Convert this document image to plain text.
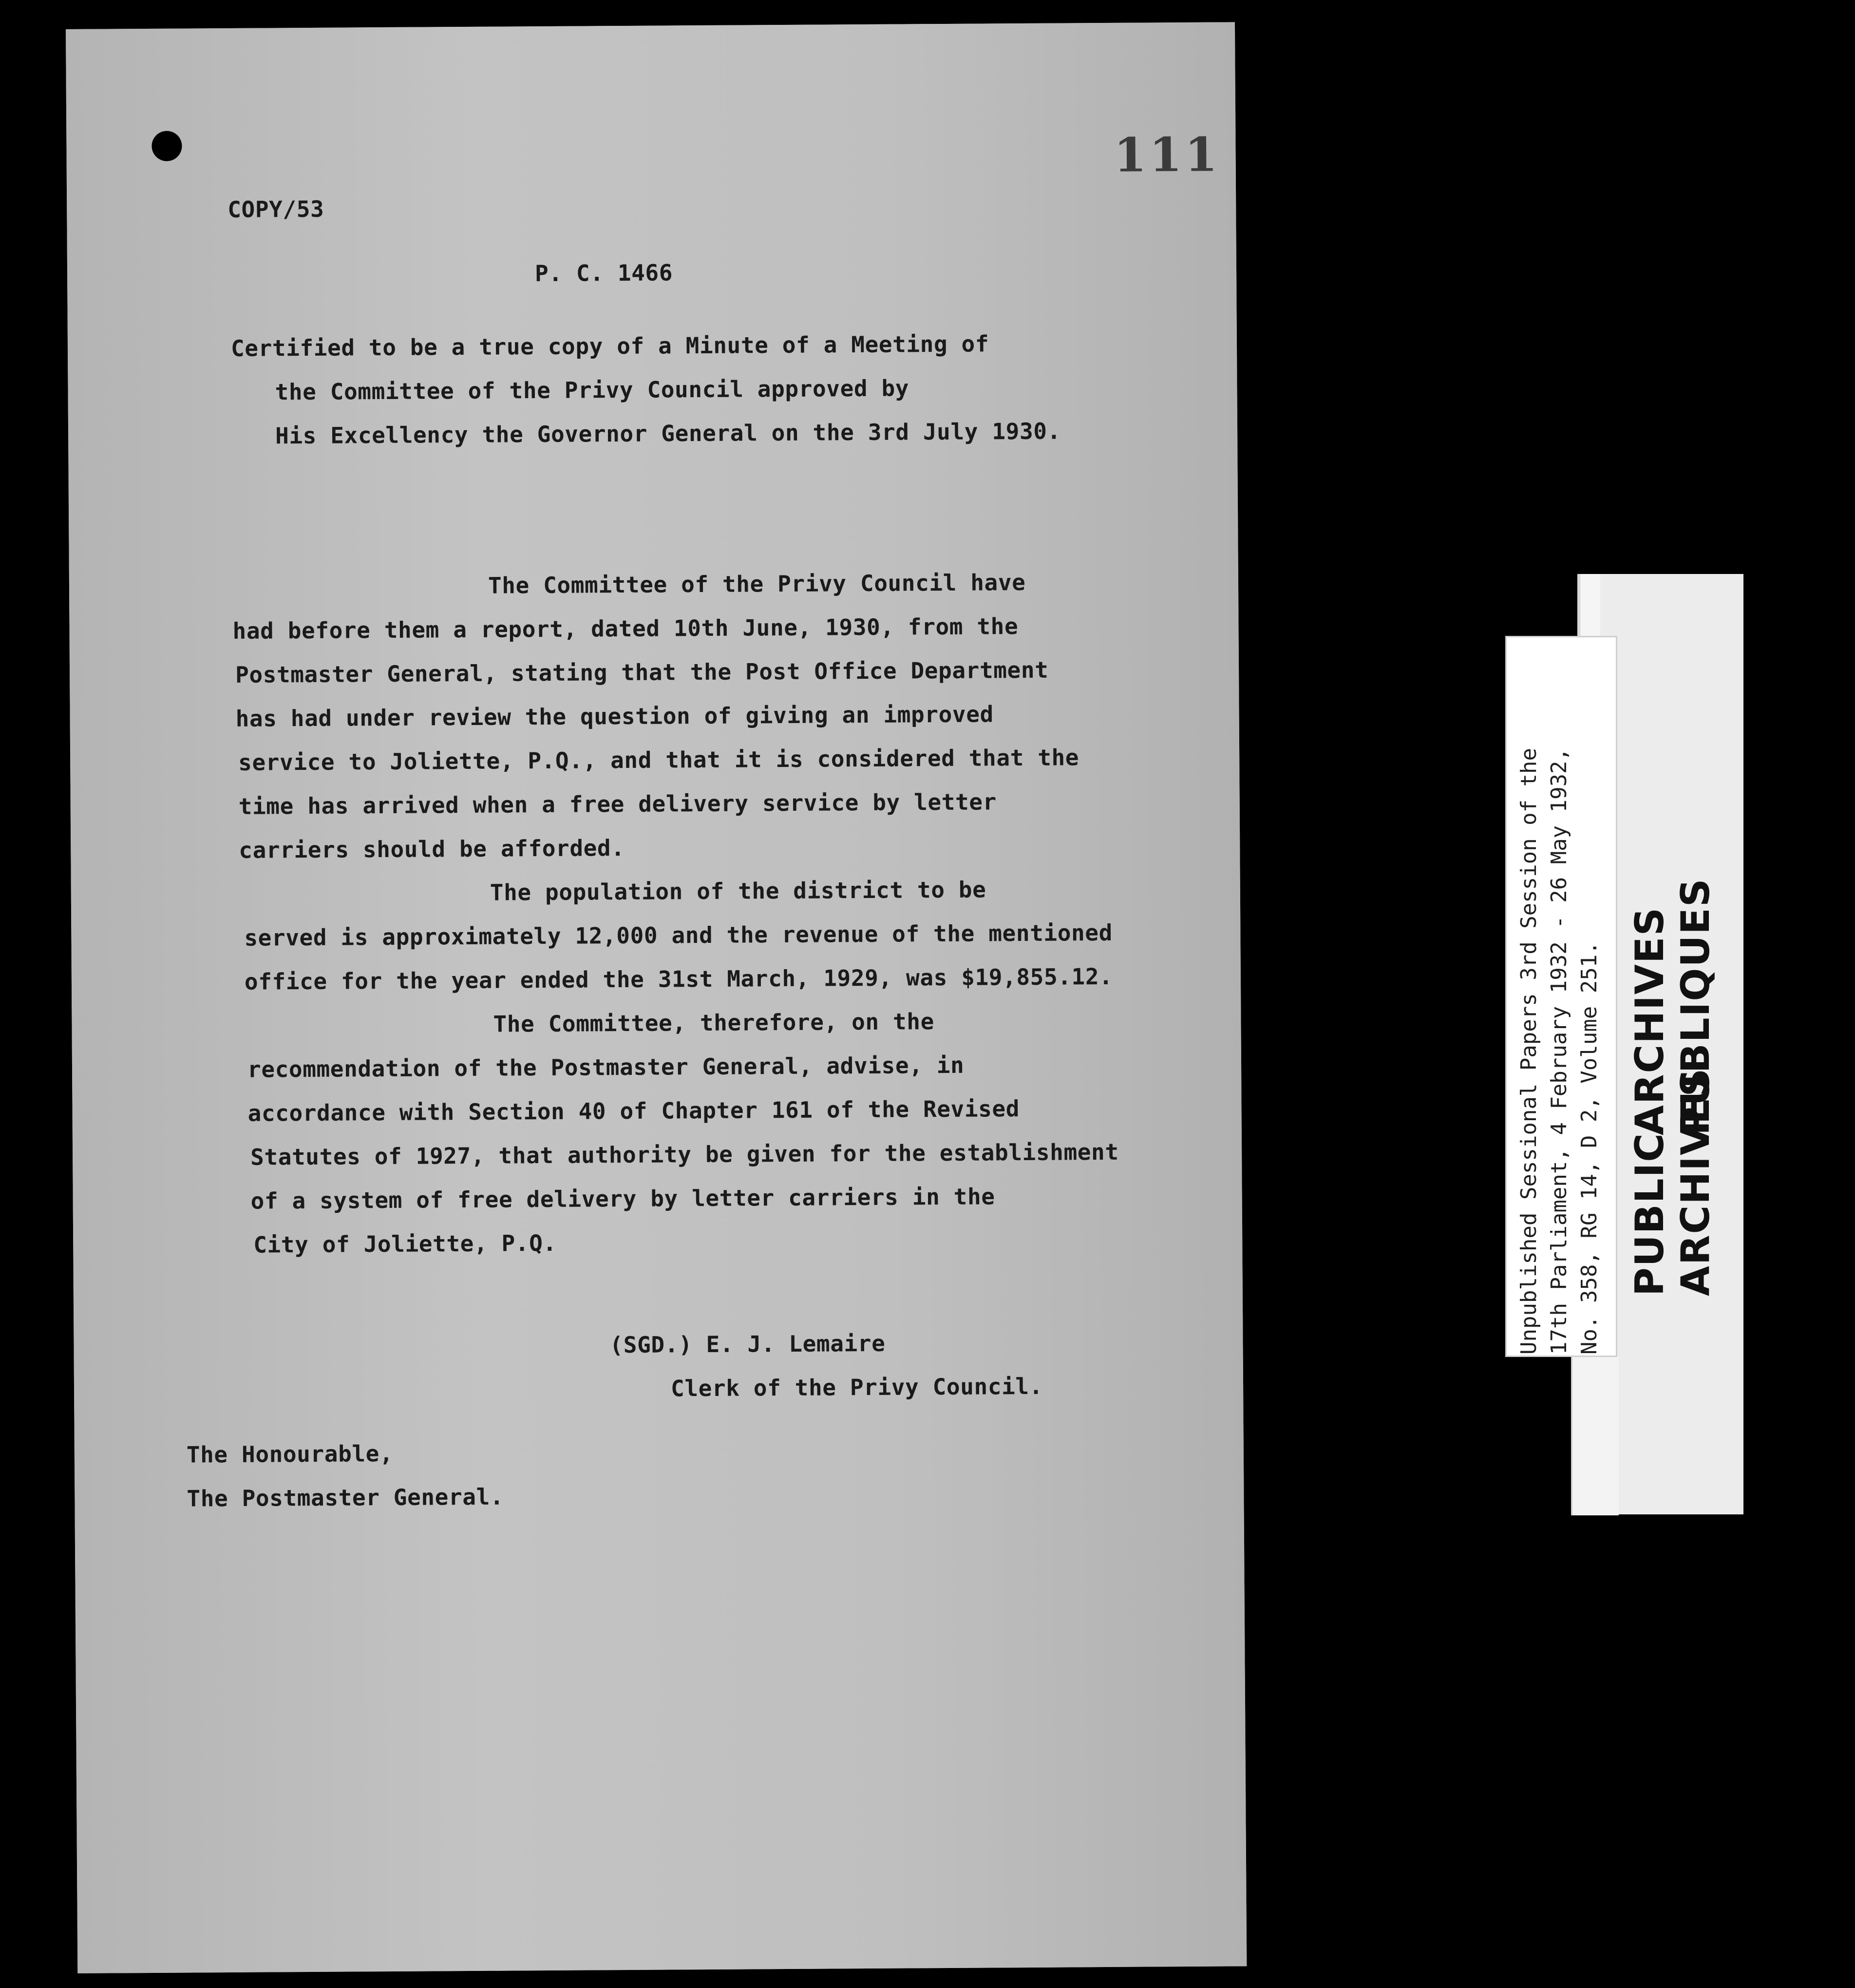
111
COPY/53
P. C. 1466
Certified to be a true copy of a Minute of a Meeting of
the Committee of the Privy Council approved by
His Excellency the Governor General on the 3rd July 1930.
The Committee of the Privy Council have
had before them a report, dated 10th June, 1930, from the
Postmaster General, stating that the Post Office Department
has had under review the question of giving an improved
service to Joliette, P.Q., and that it is considered that the
time has arrived when a free delivery service by letter
carriers should be afforded.
The population of the district to be
served is approximately 12,000 and the revenue of the mentioned
office for the year ended the 31st March, 1929, was $19,855.12.
The Committee, therefore, on the
recommendation of the Postmaster General, advise, in
accordance with Section 40 of Chapter 161 of the Revised
Statutes of 1927, that authority be given for the establishment
of a system of free delivery by letter carriers in the
City of Joliette, P.Q.
(SGD.) E. J. Lemaire
Clerk of the Privy Council.
The Honourable,
The Postmaster General.
Unpublished Sessional Papers 3rd Session of the 17th Parliament, 4 February 1932 - 26 May 1932, No. 358, RG 14, D 2, Volume 251. PUBLICARCHIVES
ARCHIVESPUBLIQUES
